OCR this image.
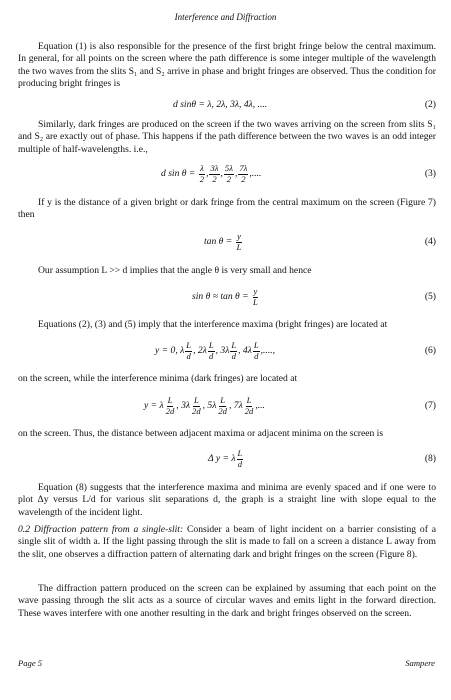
Interference and Diffraction

Equation (1) is also responsible for the presence of the first bright fringe below the central maximum. In general, for all points on the screen where the path difference is some integer multiple of the wavelength the two waves from the slits S₁ and S₂ arrive in phase and bright fringes are observed. Thus the condition for producing bright fringes is

d sinθ = λ, 2λ, 3λ, 4λ, ....	(2)

Similarly, dark fringes are produced on the screen if the two waves arriving on the screen from slits S₁ and S₂ are exactly out of phase. This happens if the path difference between the two waves is an odd integer multiple of half-wavelengths. i.e.,

d sin θ =
$\frac{\lambda}{2}$ , $\frac{3\lambda}{2}$ , $\frac{5\lambda}{2}$ , $\frac{7\lambda}{2}$ ,....	(3)

If y is the distance of a given bright or dark fringe from the central maximum on the screen (Figure 7) then

tan θ =
$\frac{y}{L}$	(4)

Our assumption L >> d implies that the angle θ is very small and hence

sin θ ≈ tan θ =
$\frac{y}{L}$	(5)

Equations (2), (3) and (5) imply that the interference maxima (bright fringes) are located at

y = 0, λ $\frac{L}{d}$ , $2\lambda \frac{L}{d}$ , $3\lambda \frac{L}{d}$ , $4\lambda \frac{L}{d}$ ,....,	(6)

on the screen, while the interference minima (dark fringes) are located at

y = λ $\frac{L}{2d}$ , $3\lambda \frac{L}{2d}$ , $5\lambda \frac{L}{2d}$ , $7\lambda \frac{L}{2d}$ ,...	(7)

on the screen. Thus, the distance between adjacent maxima or adjacent minima on the screen is

Δ y = λ $\frac{L}{d}$	(8)

Equation (8) suggests that the interference maxima and minima are evenly spaced and if one were to plot Δy versus L/d for various slit separations d, the graph is a straight line with slope equal to the wavelength of the incident light.

0.2 Diffraction pattern from a single-slit: Consider a beam of light incident on a barrier consisting of a single slit of width a. If the light passing through the slit is made to fall on a screen a distance L away from the slit, one observes a diffraction pattern of alternating dark and bright fringes on the screen (Figure 8).

The diffraction pattern produced on the screen can be explained by assuming that each point on the wave passing through the slit acts as a source of circular waves and emits light in the forward direction. These waves interfere with one another resulting in the dark and bright fringes observed on the screen.

Page 5	Sampere
